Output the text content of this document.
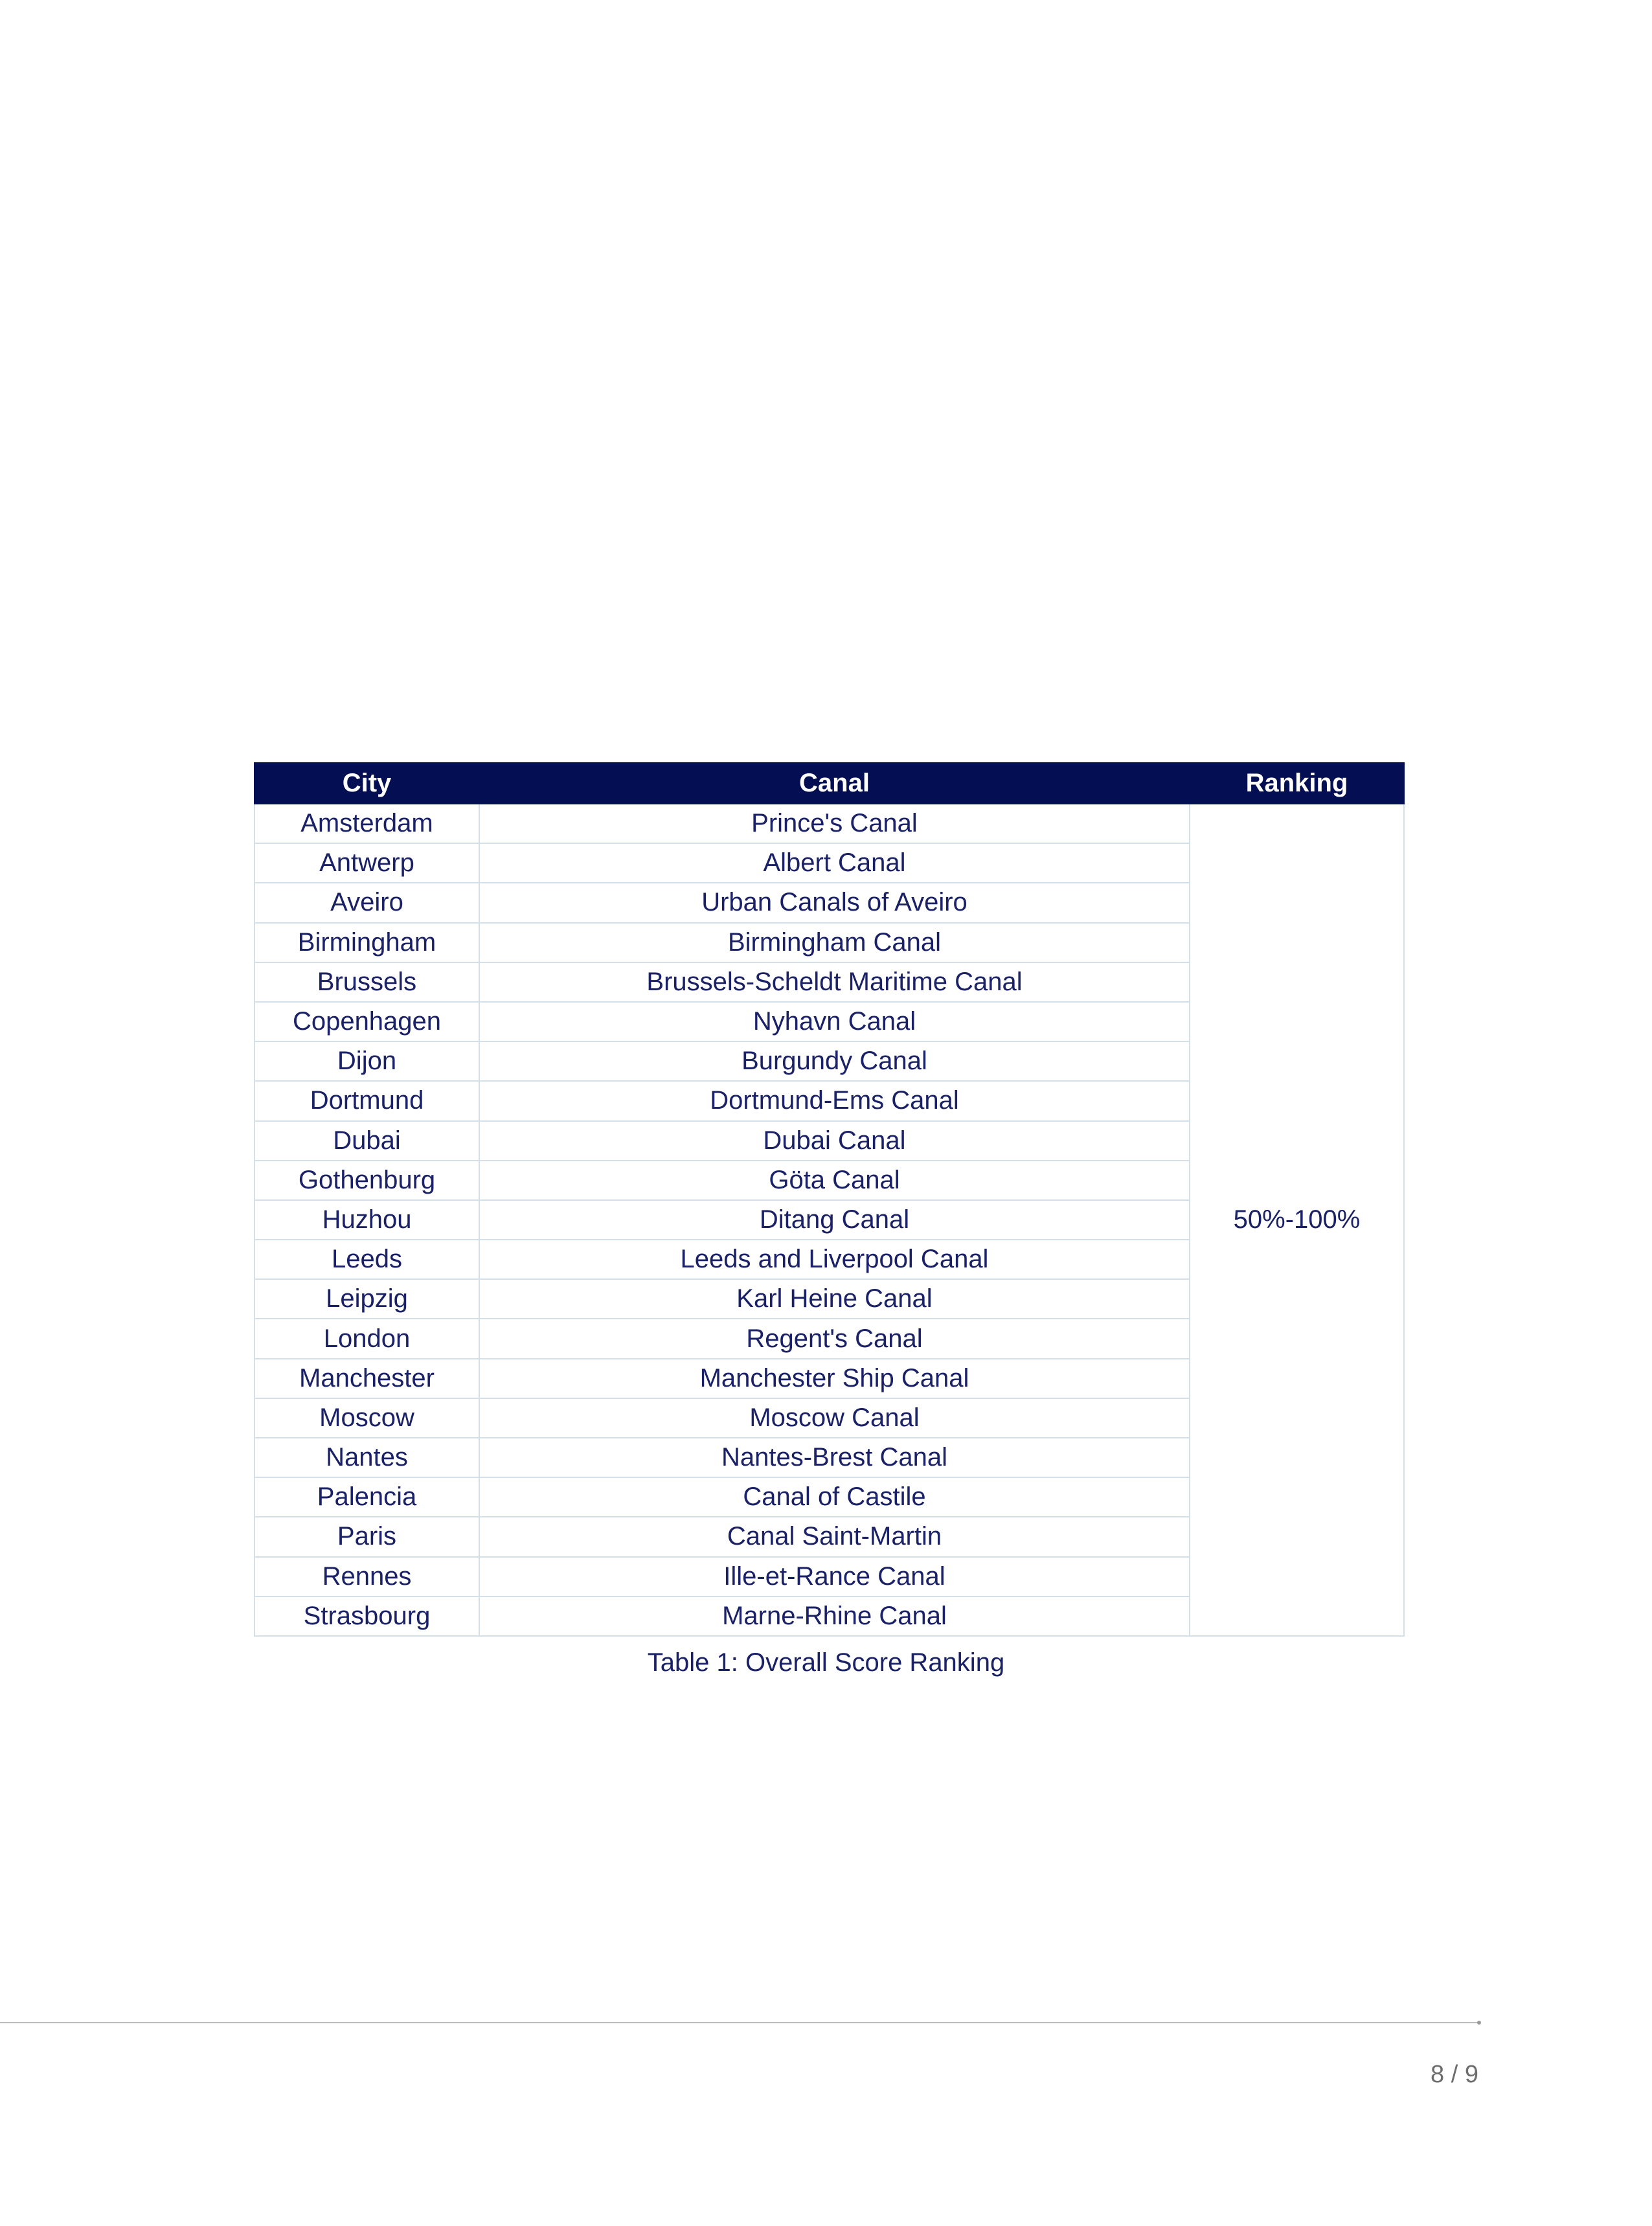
City	Canal	Ranking
Amsterdam	Prince's Canal	50%-100%
Antwerp	Albert Canal	
Aveiro	Urban Canals of Aveiro	
Birmingham	Birmingham Canal	
Brussels	Brussels-Scheldt Maritime Canal	
Copenhagen	Nyhavn Canal	
Dijon	Burgundy Canal	
Dortmund	Dortmund-Ems Canal	
Dubai	Dubai Canal	
Gothenburg	Göta Canal	
Huzhou	Ditang Canal	
Leeds	Leeds and Liverpool Canal	
Leipzig	Karl Heine Canal	
London	Regent's Canal	
Manchester	Manchester Ship Canal	
Moscow	Moscow Canal	
Nantes	Nantes-Brest Canal	
Palencia	Canal of Castile	
Paris	Canal Saint-Martin	
Rennes	Ille-et-Rance Canal	
Strasbourg	Marne-Rhine Canal	
Table 1: Overall Score Ranking
8 / 9
